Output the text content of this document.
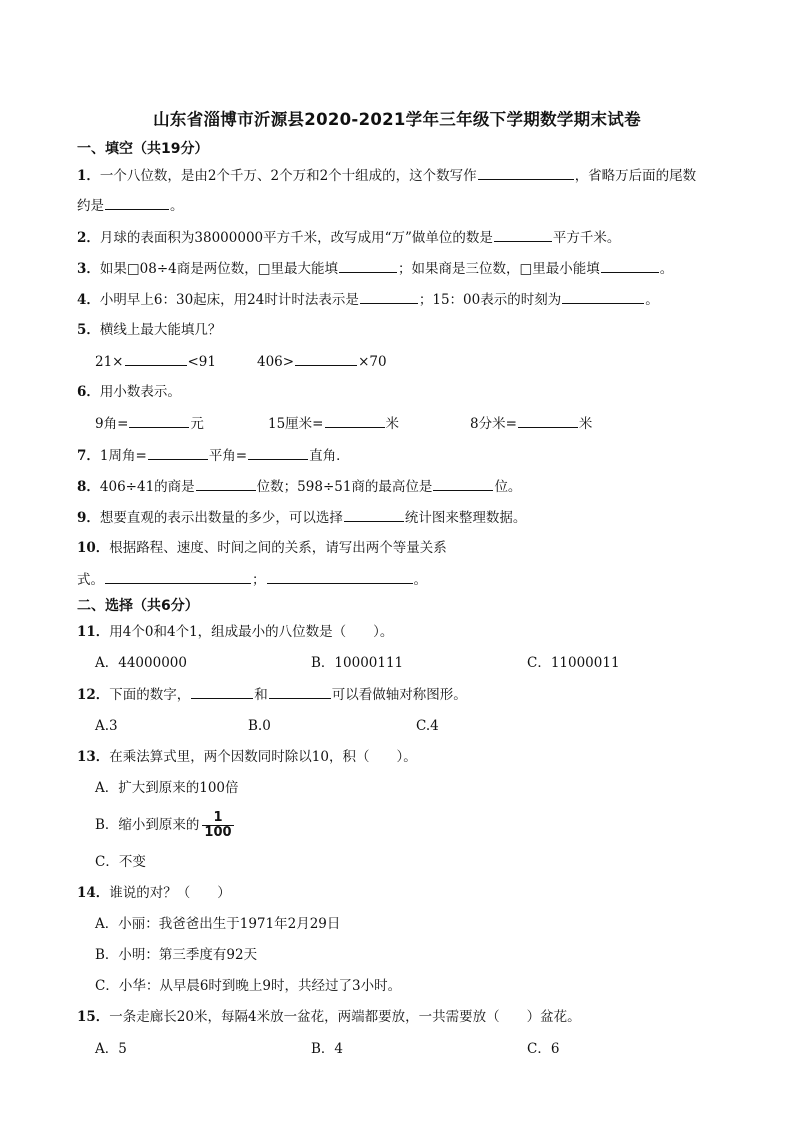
山东省淄博市沂源县2020-2021学年三年级下学期数学期末试卷
一、填空（共19分）
1．一个八位数，是由2个千万、2个万和2个十组成的，这个数写作	，省略万后面的尾数
约是	。
2．月球的表面积为38000000平方千米，改写成用“万”做单位的数是	平方千米。
3．如果□08÷4商是两位数，□里最大能填	；如果商是三位数，□里最小能填	。
4．小明早上6：30起床，用24时计时法表示是	；15：00表示的时刻为	。
5．横线上最大能填几？
21×	<91	406>	×70
6．用小数表示。
9角=	元	15厘米=	米	8分米=	米
7．1周角=	平角=	直角．
8．406÷41的商是	位数；598÷51商的最高位是	位。
9．想要直观的表示出数量的多少，可以选择	统计图来整理数据。
10．根据路程、速度、时间之间的关系，请写出两个等量关系
式。	；	。
二、选择（共6分）
11．用4个0和4个1，组成最小的八位数是（　　）。
A．44000000	B．10000111	C．11000011
12．下面的数字，	和	可以看做轴对称图形。
A.3	B.0	C.4
13．在乘法算式里，两个因数同时除以10，积（　　）。
A．扩大到原来的100倍
B．缩小到原来的 $\frac{1}{100}$
C．不变
14．谁说的对？（　　）
A．小丽：我爸爸出生于1971年2月29日
B．小明：第三季度有92天
C．小华：从早晨6时到晚上9时，共经过了3小时。
15．一条走廊长20米，每隔4米放一盆花，两端都要放，一共需要放（　　）盆花。
A．5	B．4	C．6
